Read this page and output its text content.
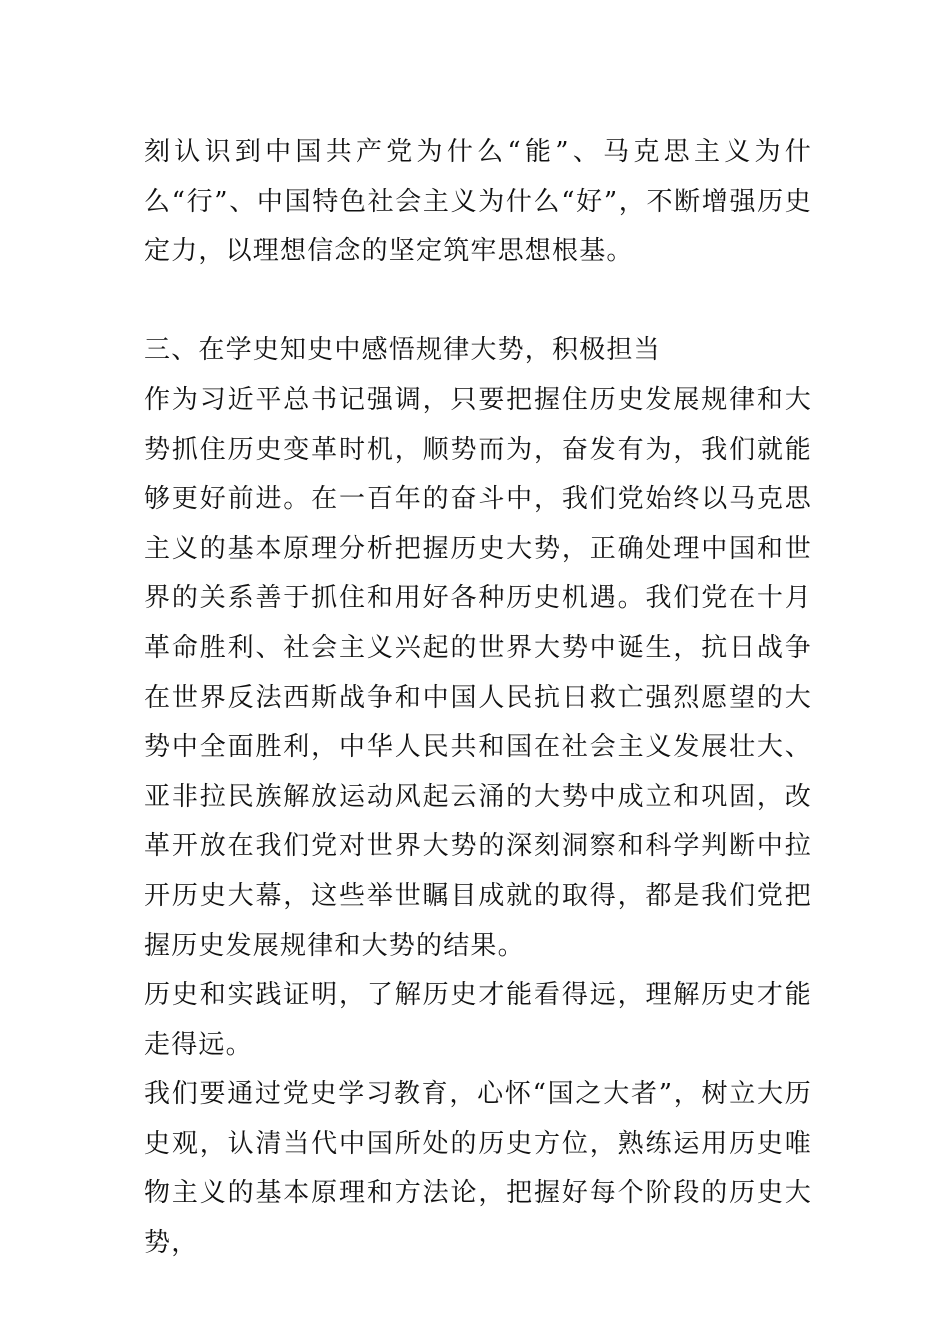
刻认识到中国共产党为什么“能”、马克思主义为什么“行”、中国特色社会主义为什么“好”，不断增强历史定力，以理想信念的坚定筑牢思想根基。

三、在学史知史中感悟规律大势，积极担当

作为习近平总书记强调，只要把握住历史发展规律和大势抓住历史变革时机，顺势而为，奋发有为，我们就能够更好前进。在一百年的奋斗中，我们党始终以马克思主义的基本原理分析把握历史大势，正确处理中国和世界的关系善于抓住和用好各种历史机遇。我们党在十月革命胜利、社会主义兴起的世界大势中诞生，抗日战争在世界反法西斯战争和中国人民抗日救亡强烈愿望的大势中全面胜利，中华人民共和国在社会主义发展壮大、亚非拉民族解放运动风起云涌的大势中成立和巩固，改革开放在我们党对世界大势的深刻洞察和科学判断中拉开历史大幕，这些举世瞩目成就的取得，都是我们党把握历史发展规律和大势的结果。

历史和实践证明，了解历史才能看得远，理解历史才能走得远。

我们要通过党史学习教育，心怀“国之大者”，树立大历史观，认清当代中国所处的历史方位，熟练运用历史唯物主义的基本原理和方法论，把握好每个阶段的历史大势，
